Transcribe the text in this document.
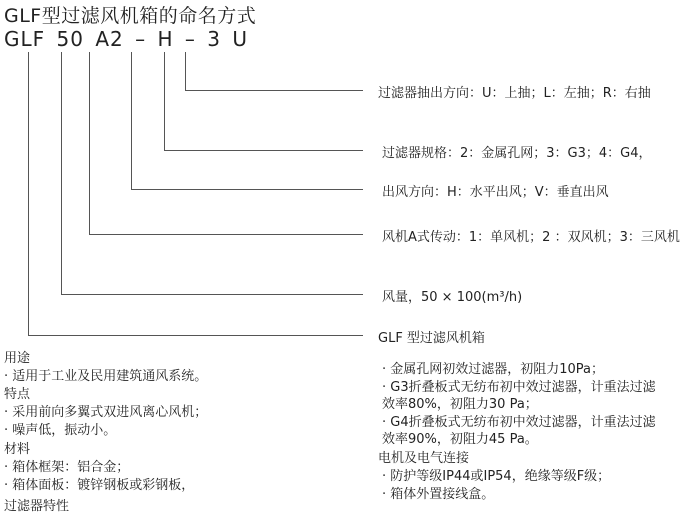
GLF型过滤风机箱的命名方式
GLF 50 A2 – H – 3 U
过滤器抽出方向：U：上抽；L：左抽；R：右抽
过滤器规格：2：金属孔网；3：G3；4：G4，
出风方向：H：水平出风；V：垂直出风
风机A式传动：1：单风机；2 ：双风机；3：三风机
风量，50 × 100(m³/h)
GLF 型过滤风机箱
用途
· 适用于工业及民用建筑通风系统。
特点
· 采用前向多翼式双进风离心风机；
· 噪声低，振动小。
材料
· 箱体框架：铝合金；
· 箱体面板：镀锌钢板或彩钢板，
过滤器特性
· 金属孔网初效过滤器，初阻力10Pa；
· G3折叠板式无纺布初中效过滤器，计重法过滤
效率80%，初阻力30 Pa；
· G4折叠板式无纺布初中效过滤器，计重法过滤
效率90%，初阻力45 Pa。
电机及电气连接
· 防护等级IP44或IP54，绝缘等级F级；
· 箱体外置接线盒。
